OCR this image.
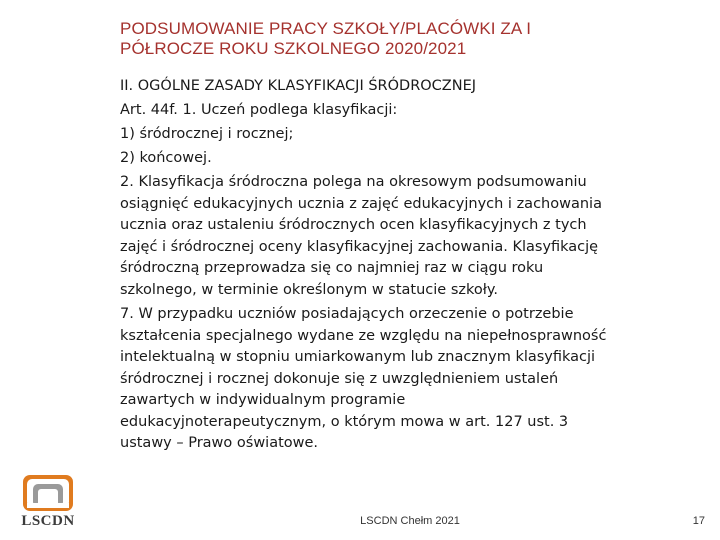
PODSUMOWANIE PRACY SZKOŁY/PLACÓWKI ZA I
PÓŁROCZE ROKU SZKOLNEGO 2020/2021

II. OGÓLNE ZASADY KLASYFIKACJI ŚRÓDROCZNEJ

Art. 44f. 1. Uczeń podlega klasyfikacji:

1) śródrocznej i rocznej;

2) końcowej.

2. Klasyfikacja śródroczna polega na okresowym podsumowaniu
osiągnięć edukacyjnych ucznia z zajęć edukacyjnych i zachowania
ucznia oraz ustaleniu śródrocznych ocen klasyfikacyjnych z tych
zajęć i śródrocznej oceny klasyfikacyjnej zachowania. Klasyfikację
śródroczną przeprowadza się co najmniej raz w ciągu roku
szkolnego, w terminie określonym w statucie szkoły.

7. W przypadku uczniów posiadających orzeczenie o potrzebie
kształcenia specjalnego wydane ze względu na niepełnosprawność
intelektualną w stopniu umiarkowanym lub znacznym klasyfikacji
śródrocznej i rocznej dokonuje się z uwzględnieniem ustaleń
zawartych w indywidualnym programie
edukacyjnoterapeutycznym, o którym mowa w art. 127 ust. 3
ustawy – Prawo oświatowe.

LSCDN	LSCDN Chełm 2021	17
